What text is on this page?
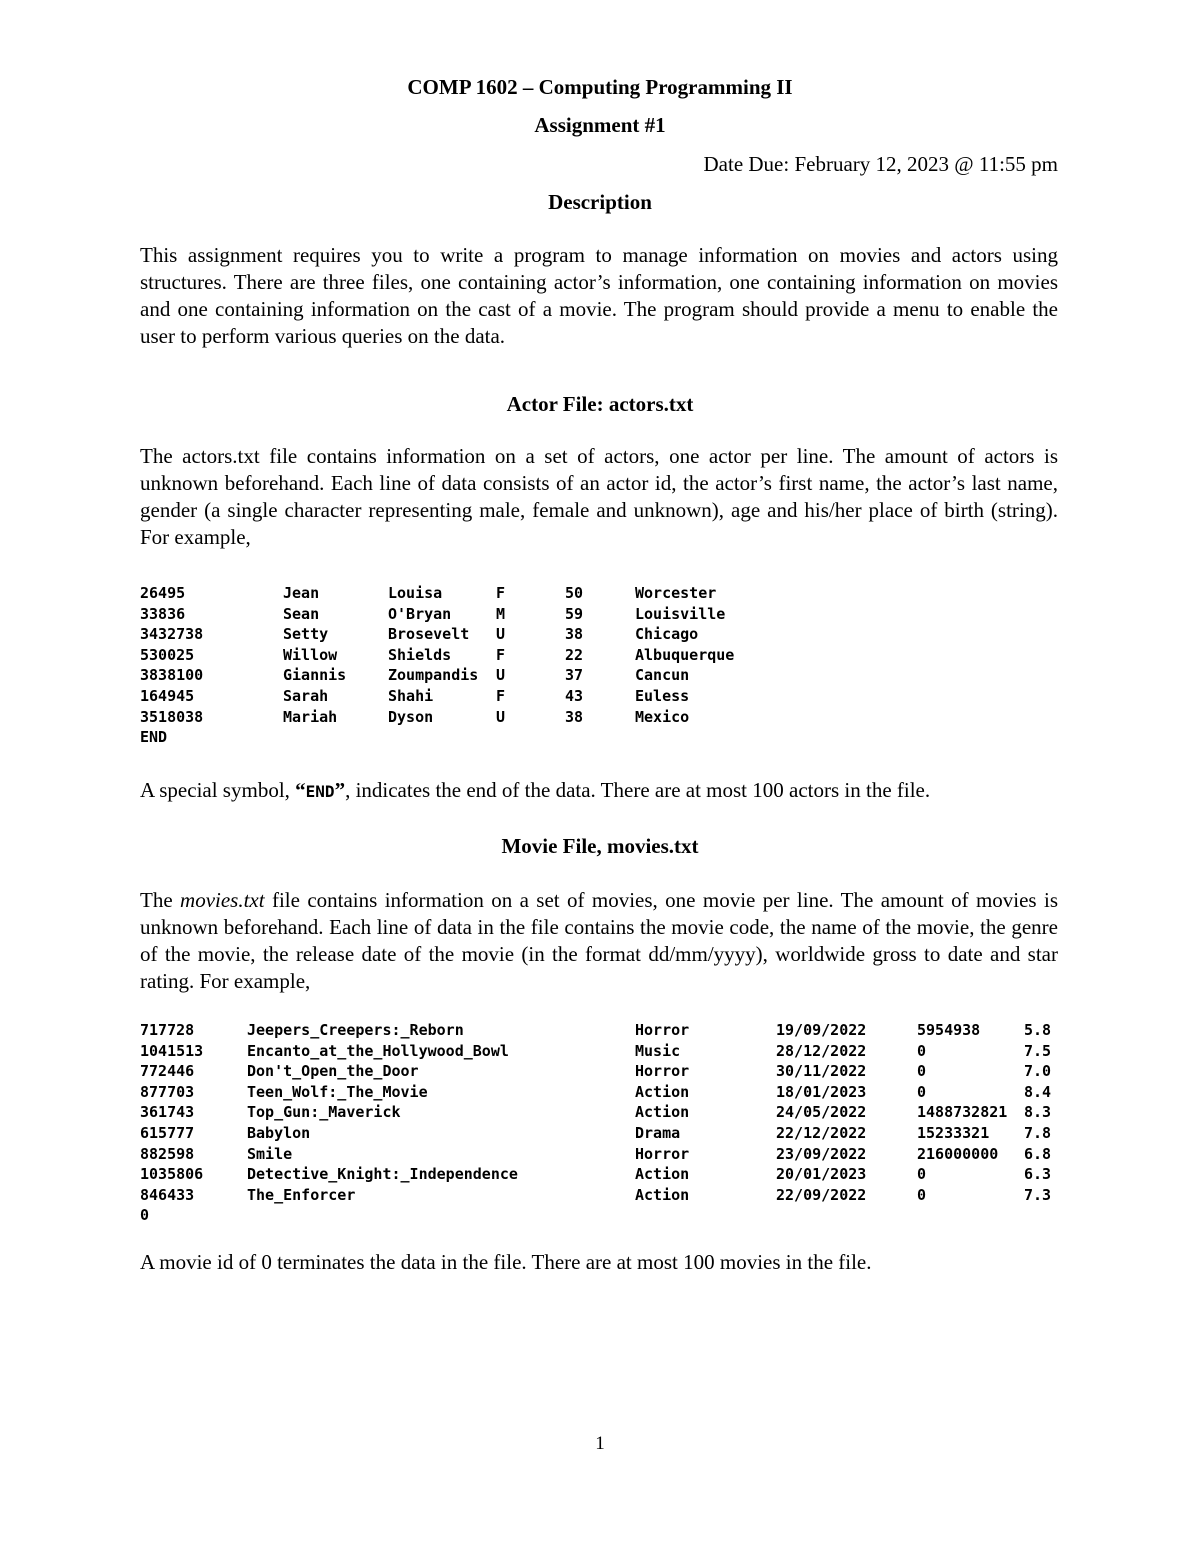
COMP 1602 – Computing Programming II
Assignment #1
Date Due: February 12, 2023 @ 11:55 pm
Description

This assignment requires you to write a program to manage information on movies and actors using structures. There are three files, one containing actor’s information, one containing information on movies and one containing information on the cast of a movie. The program should provide a menu to enable the user to perform various queries on the data.

Actor File: actors.txt

The actors.txt file contains information on a set of actors, one actor per line. The amount of actors is unknown beforehand. Each line of data consists of an actor id, the actor’s first name, the actor’s last name, gender (a single character representing male, female and unknown), age and his/her place of birth (string). For example,

26495	Jean	Louisa	F	50	Worcester
33836	Sean	O'Bryan	M	59	Louisville
3432738	Setty	Brosevelt U	38	Chicago
530025	Willow	Shields	F	22	Albuquerque
3838100	Giannis	Zoumpandis U	37	Cancun
164945	Sarah	Shahi	F	43	Euless
3518038	Mariah	Dyson	U	38	Mexico
END

A special symbol, “END”, indicates the end of the data. There are at most 100 actors in the file.

Movie File, movies.txt

The movies.txt file contains information on a set of movies, one movie per line. The amount of movies is unknown beforehand. Each line of data in the file contains the movie code, the name of the movie, the genre of the movie, the release date of the movie (in the format dd/mm/yyyy), worldwide gross to date and star rating. For example,

717728	Jeepers_Creepers:_Reborn	Horror	19/09/2022	5954938	5.8
1041513	Encanto_at_the_Hollywood_Bowl	Music	28/12/2022	0	7.5
772446	Don't_Open_the_Door	Horror	30/11/2022	0	7.0
877703	Teen_Wolf:_The_Movie	Action	18/01/2023	0	8.4
361743	Top_Gun:_Maverick	Action	24/05/2022	1488732821 8.3
615777	Babylon	Drama	22/12/2022	15233321 7.8
882598	Smile	Horror	23/09/2022	216000000 6.8
1035806	Detective_Knight:_Independence	Action	20/01/2023	0	6.3
846433	The_Enforcer	Action	22/09/2022	0	7.3
0

A movie id of 0 terminates the data in the file. There are at most 100 movies in the file.

1
